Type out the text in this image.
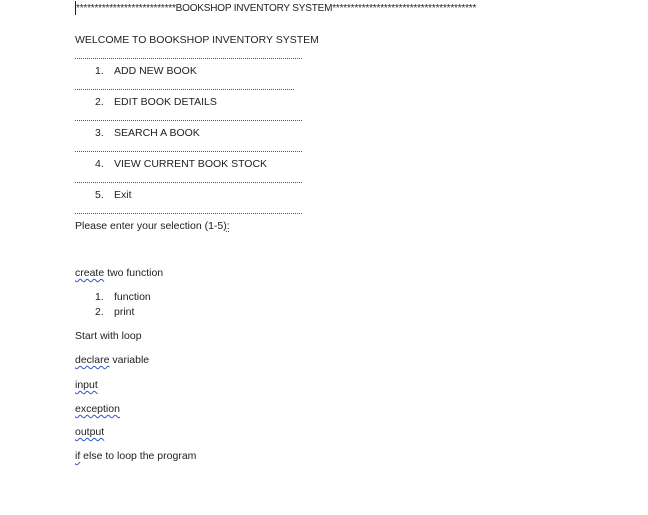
***************************BOOKSHOP INVENTORY SYSTEM***************************************
WELCOME TO BOOKSHOP INVENTORY SYSTEM
1. ADD NEW BOOK
2. EDIT BOOK DETAILS
3. SEARCH A BOOK
4. VIEW CURRENT BOOK STOCK
5. Exit
Please enter your selection (1-5):
create two function
1. function
2. print
Start with loop
declare variable
input
exception
output
if else to loop the program
